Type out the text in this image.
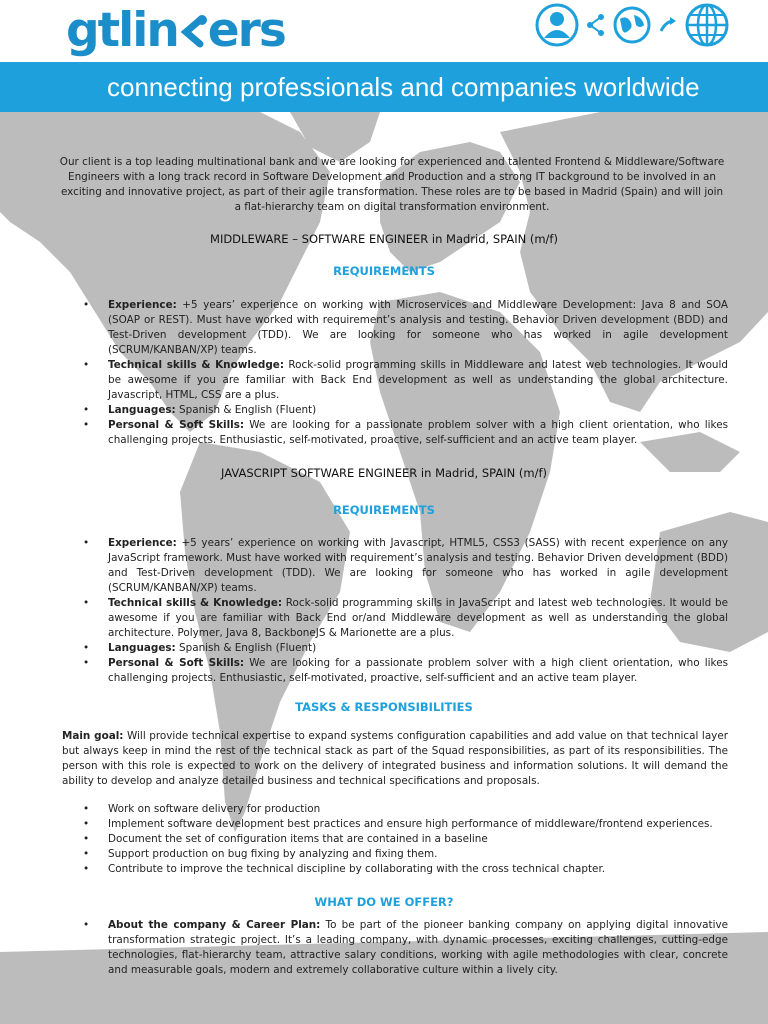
gtlin ers
connecting professionals and companies worldwide

Our client is a top leading multinational bank and we are looking for experienced and talented Frontend & Middleware/Software Engineers with a long track record in Software Development and Production and a strong IT background to be involved in an exciting and innovative project, as part of their agile transformation. These roles are to be based in Madrid (Spain) and will join a flat-hierarchy team on digital transformation environment.

MIDDLEWARE – SOFTWARE ENGINEER in Madrid, SPAIN (m/f)
REQUIREMENTS
• Experience: +5 years’ experience on working with Microservices and Middleware Development: Java 8 and SOA (SOAP or REST). Must have worked with requirement’s analysis and testing. Behavior Driven development (BDD) and Test-Driven development (TDD). We are looking for someone who has worked in agile development (SCRUM/KANBAN/XP) teams.
• Technical skills & Knowledge: Rock-solid programming skills in Middleware and latest web technologies. It would be awesome if you are familiar with Back End development as well as understanding the global architecture. Javascript, HTML, CSS are a plus.
• Languages: Spanish & English (Fluent)
• Personal & Soft Skills: We are looking for a passionate problem solver with a high client orientation, who likes challenging projects. Enthusiastic, self-motivated, proactive, self-sufficient and an active team player.
JAVASCRIPT SOFTWARE ENGINEER in Madrid, SPAIN (m/f)
REQUIREMENTS
• Experience: +5 years’ experience on working with Javascript, HTML5, CSS3 (SASS) with recent experience on any JavaScript framework. Must have worked with requirement’s analysis and testing. Behavior Driven development (BDD) and Test-Driven development (TDD). We are looking for someone who has worked in agile development (SCRUM/KANBAN/XP) teams.
• Technical skills & Knowledge: Rock-solid programming skills in JavaScript and latest web technologies. It would be awesome if you are familiar with Back End or/and Middleware development as well as understanding the global architecture. Polymer, Java 8, BackboneJS & Marionette are a plus.
• Languages: Spanish & English (Fluent)
• Personal & Soft Skills: We are looking for a passionate problem solver with a high client orientation, who likes challenging projects. Enthusiastic, self-motivated, proactive, self-sufficient and an active team player.
TASKS & RESPONSIBILITIES

Main goal: Will provide technical expertise to expand systems configuration capabilities and add value on that technical layer but always keep in mind the rest of the technical stack as part of the Squad responsibilities, as part of its responsibilities. The person with this role is expected to work on the delivery of integrated business and information solutions. It will demand the ability to develop and analyze detailed business and technical specifications and proposals.

• Work on software delivery for production
• Implement software development best practices and ensure high performance of middleware/frontend experiences.
• Document the set of configuration items that are contained in a baseline
• Support production on bug fixing by analyzing and fixing them.
• Contribute to improve the technical discipline by collaborating with the cross technical chapter.
WHAT DO WE OFFER?
• About the company & Career Plan: To be part of the pioneer banking company on applying digital innovative transformation strategic project. It’s a leading company, with dynamic processes, exciting challenges, cutting-edge technologies, flat-hierarchy team, attractive salary conditions, working with agile methodologies with clear, concrete and measurable goals, modern and extremely collaborative culture within a lively city.
